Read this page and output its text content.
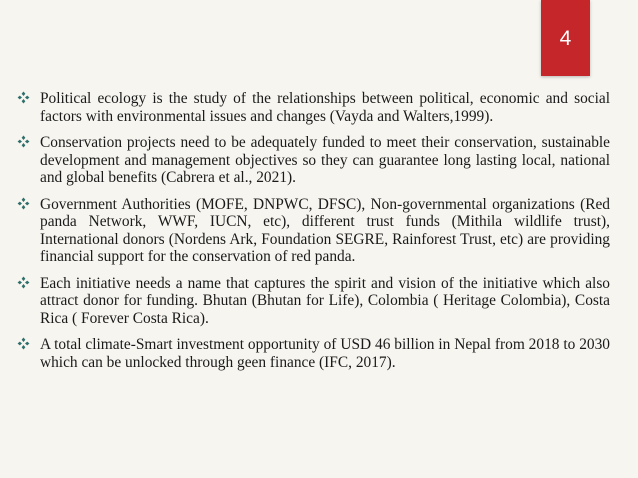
4
Political ecology is the study of the relationships between political, economic and social factors with environmental issues and changes (Vayda and Walters,1999).
Conservation projects need to be adequately funded to meet their conservation, sustainable development and management objectives so they can guarantee long lasting local, national and global benefits (Cabrera et al., 2021).
Government Authorities (MOFE, DNPWC, DFSC), Non-governmental organizations (Red panda Network, WWF, IUCN, etc), different trust funds (Mithila wildlife trust), International donors (Nordens Ark, Foundation SEGRE, Rainforest Trust, etc) are providing financial support for the conservation of red panda.
Each initiative needs a name that captures the spirit and vision of the initiative which also attract donor for funding. Bhutan (Bhutan for Life), Colombia ( Heritage Colombia), Costa Rica ( Forever Costa Rica).
A total climate-Smart investment opportunity of USD 46 billion in Nepal from 2018 to 2030 which can be unlocked through geen finance (IFC, 2017).
